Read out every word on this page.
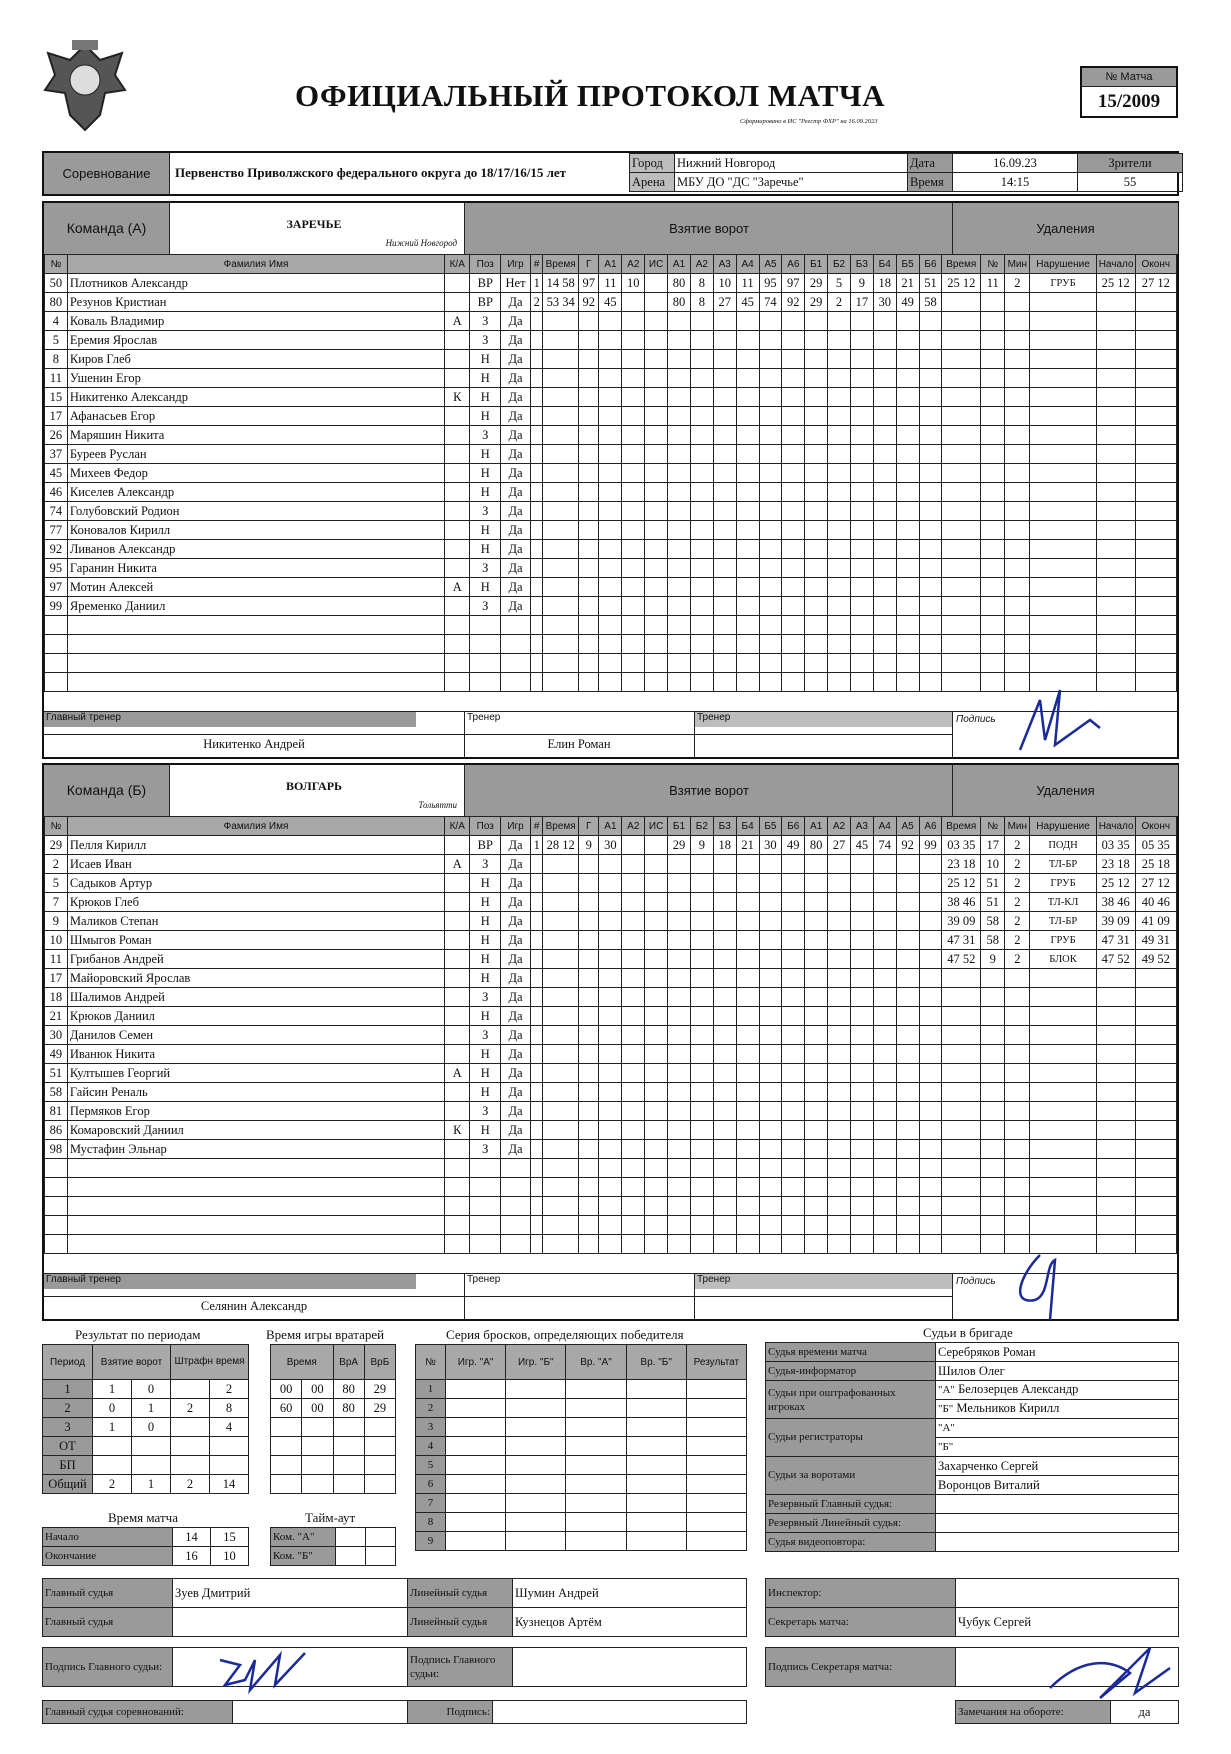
ОФИЦИАЛЬНЫЙ ПРОТОКОЛ МАТЧА
Сформировано в ИС "Реестр ФХР" на 16.09.2023
№ Матча
15/2009
Соревнование	Первенство Приволжского федерального округа до 18/17/16/15 лет
Город	Нижний Новгород	Дата	16.09.23	Зрители
Арена	МБУ ДО "ДС "Заречье"	Время	14:15	55
Команда (А)	ЗАРЕЧЬЕ
Нижний Новгород
Взятие ворот	Удаления
№	Фамилия Имя	К/А	Поз	Игр	#	Время	Г	А1	А2	ИС	А1	А2	А3	А4	А5	А6	Б1	Б2	Б3	Б4	Б5	Б6	Время	№	Мин	Нарушение	Начало	Оконч
50	Плотников Александр		ВР	Нет	1	14 58	97	11	10		80	8	10	11	95	97	29	5	9	18	21	51	25 12	11	2	ГРУБ	25 12	27 12
80	Резунов Кристиан		ВР	Да	2	53 34	92	45			80	8	27	45	74	92	29	2	17	30	49	58						
4	Коваль Владимир	А	З	Да																								
5	Еремия Ярослав		З	Да																								
8	Киров Глеб		Н	Да																								
11	Ушенин Егор		Н	Да																								
15	Никитенко Александр	К	Н	Да																								
17	Афанасьев Егор		Н	Да																								
26	Маряшин Никита		З	Да																								
37	Буреев Руслан		Н	Да																								
45	Михеев Федор		Н	Да																								
46	Киселев Александр		Н	Да																								
74	Голубовский Родион		З	Да																								
77	Коновалов Кирилл		Н	Да																								
92	Ливанов Александр		Н	Да																								
95	Гаранин Никита		З	Да																								
97	Мотин Алексей	А	Н	Да																								
99	Яременко Даниил		З	Да																								

Главный тренер
Никитенко Андрей
Тренер
Елин Роман
Тренер	Подпись
Команда (Б)	ВОЛГАРЬ
Тольятти
Взятие ворот	Удаления
№	Фамилия Имя	К/А	Поз	Игр	#	Время	Г	А1	А2	ИС	Б1	Б2	Б3	Б4	Б5	Б6	А1	А2	А3	А4	А5	А6	Время	№	Мин	Нарушение	Начало	Оконч
29	Пелля Кирилл		ВР	Да	1	28 12	9	30			29	9	18	21	30	49	80	27	45	74	92	99	03 35	17	2	ПОДН	03 35	05 35
2	Исаев Иван	А	З	Да																			23 18	10	2	ТЛ-БР	23 18	25 18
5	Садыков Артур		Н	Да																			25 12	51	2	ГРУБ	25 12	27 12
7	Крюков Глеб		Н	Да																			38 46	51	2	ТЛ-КЛ	38 46	40 46
9	Маликов Степан		Н	Да																			39 09	58	2	ТЛ-БР	39 09	41 09
10	Шмыгов Роман		Н	Да																			47 31	58	2	ГРУБ	47 31	49 31
11	Грибанов Андрей		Н	Да																			47 52	9	2	БЛОК	47 52	49 52
17	Майоровский Ярослав		Н	Да																								
18	Шалимов Андрей		З	Да																								
21	Крюков Даниил		Н	Да																								
30	Данилов Семен		З	Да																								
49	Иванюк Никита		Н	Да																								
51	Култышев Георгий	А	Н	Да																								
58	Гайсин Реналь		Н	Да																								
81	Пермяков Егор		З	Да																								
86	Комаровский Даниил	К	Н	Да																								
98	Мустафин Эльнар		З	Да																								

Главный тренер
Селянин Александр
Тренер	Тренер	Подпись
Результат по периодам
Период	Взятие ворот		Штрафн время	
1	1	0		2
2	0	1	2	8
3	1	0		4
ОТ				
БП				
Общий	2	1	2	14
Время игры вратарей
Время		ВрА	ВрБ
00	00	80	29
60	00	80	29

Серия бросков, определяющих победителя
№	Игр. "А"	Игр. "Б"	Вр. "А"	Вр. "Б"	Результат
1					
2					
3					
4					
5					
6					
7					
8					
9					
Время матча
Начало	14	15
Окончание	16	10
Тайм-аут
Ком. "А"		
Ком. "Б"		
Судьи в бригаде
Судья времени матча	Серебряков Роман
Судья-информатор	Шилов Олег
Судьи при оштрафованных игроках	"А" Белозерцев Александр
	"Б" Мельников Кирилл
Судьи регистраторы	"А"
	"Б"
Судьи за воротами	Захарченко Сергей
	Воронцов Виталий
Резервный Главный судья:	
Резервный Линейный судья:	
Судья видеоповтора:	
Главный судья	Зуев Дмитрий	Линейный судья	Шумин Андрей
Главный судья		Линейный судья	Кузнецов Артём
Инспектор:	
Секретарь матча:	Чубук Сергей
Подпись Главного судьи:		Подпись Главного судьи:	
Подпись Секретаря матча:	
Главный судья соревнований:		Подпись:		Замечания на обороте:	да
